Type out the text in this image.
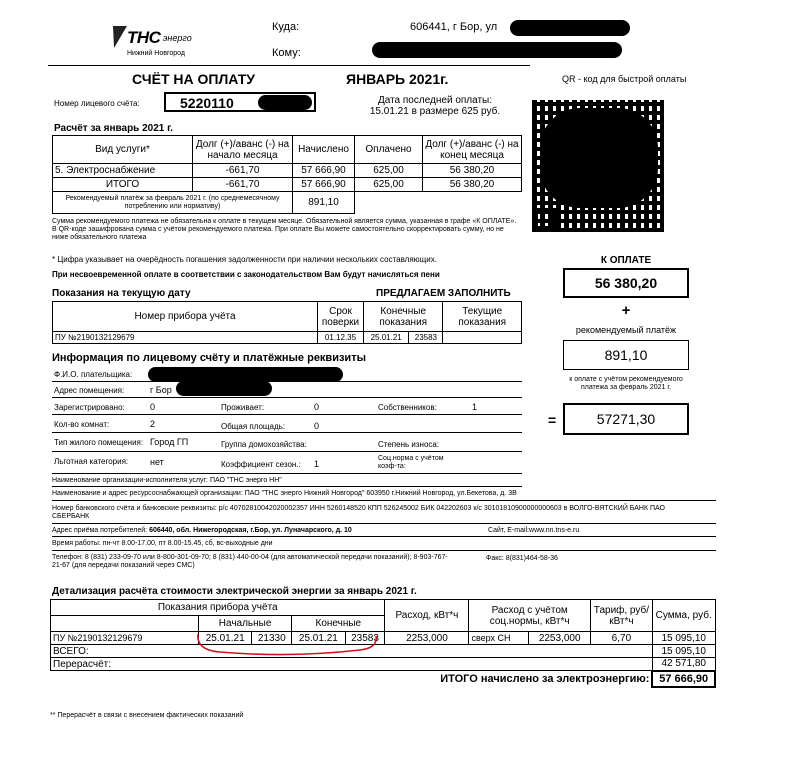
ТНС энерго
Нижний Новгород
Куда:	606441, г Бор, ул
Кому:
СЧЁТ НА ОПЛАТУ	ЯНВАРЬ 2021г.	QR - код для быстрой оплаты
Номер лицевого счёта:	5220110	Дата последней оплаты:
15.01.21 в размере 625 руб.
Расчёт за январь 2021 г.
Вид услуги*	Долг (+)/аванс (-) на начало месяца	Начислено	Оплачено	Долг (+)/аванс (-) на конец месяца
5. Электроснабжение	-661,70	57 666,90	625,00	56 380,20
ИТОГО	-661,70	57 666,90	625,00	56 380,20
Рекомендуемый платёж за февраль 2021 г. (по среднемесячному потреблению или нормативу)		891,10		
Сумма рекомендуемого платежа не обязательна к оплате в текущем месяце. Обязательной является сумма, указанная в графе «К ОПЛАТЕ». В QR-коде зашифрована сумма с учётом рекомендуемого платежа. При оплате Вы можете самостоятельно скорректировать сумму, но не ниже обязательного платежа
* Цифра указывает на очерёдность погашения задолженности при наличии нескольких составляющих.
При несвоевременной оплате в соответствии с законодательством Вам будут начисляться пени
Показания на текущую дату	ПРЕДЛАГАЕМ ЗАПОЛНИТЬ
Номер прибора учёта	Срок поверки	Конечные показания		Текущие показания
ПУ №2190132129679	01.12.35	25.01.21	23583	
К ОПЛАТЕ
56 380,20
+
рекомендуемый платёж
891,10
к оплате с учётом рекомендуемого платежа за февраль 2021 г.
=	57271,30
Информация по лицевому счёту и платёжные реквизиты
Ф.И.О. плательщика:
Адрес помещения:	г Бор
Зарегистрировано:	0	Проживает:	0	Собственников:	1
Кол-во комнат:	2	Общая площадь:	0
Тип жилого помещения: Город ГП	Группа домохозяйства:	Степень износа:
Льготная категория: нет	Коэффициент сезон.: 1
Соц.норма с учётом коэф-та:
Наименование организации-исполнителя услуг: ПАО "ТНС энерго НН"
Наименование и адрес ресурсоснабжающей организации: ПАО "ТНС энерго Нижний Новгород" 603950 г.Нижний Новгород, ул.Бекетова, д. 3В
Номер банковского счёта и банковские реквизиты: р/с 40702810042020002357 ИНН 5260148520 КПП 526245002 БИК 042202603 к/с 30101810900000000603 в ВОЛГО-ВЯТСКИЙ БАНК ПАО СБЕРБАНК
Адрес приёма потребителей: 606440, обл. Нижегородская, г.Бор, ул. Луначарского, д. 10	Сайт, E-mail:www.nn.tns-e.ru
Время работы: пн-чт 8.00-17.00, пт 8.00-15.45, сб, вс-выходные дни
Телефон: 8 (831) 233-09-70 или 8-800-301-09-70; 8 (831) 440-00-04 (для автоматической передачи показаний); 8-903-767-21-67 (для передачи показаний через СМС)
Факс: 8(831)464-58-36
Детализация расчёта стоимости электрической энергии за январь 2021 г.
Показания прибора учёта					Расход, кВт*ч	Расход с учётом соц.нормы, кВт*ч		Тариф, руб/кВт*ч	Сумма, руб.
	Начальные		Конечные						
ПУ №2190132129679	25.01.21	21330	25.01.21	23583	2253,000	сверх СН	2253,000	6,70	15 095,10
ВСЕГО:									15 095,10
Перерасчёт:									42 571,80
ИТОГО начислено за электроэнергию:									57 666,90
** Перерасчёт в связи с внесением фактических показаний
